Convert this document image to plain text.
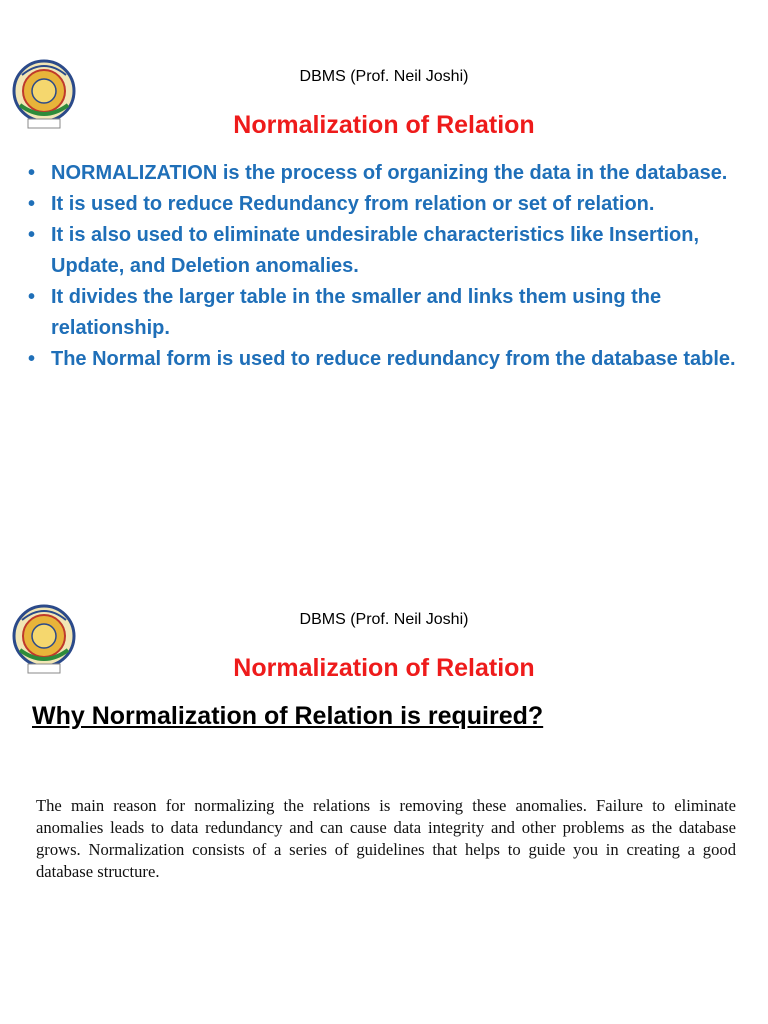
DBMS (Prof. Neil Joshi)
Normalization of Relation
• NORMALIZATION is the process of organizing the data in the database.
• It is used to reduce Redundancy from relation or set of relation.
• It is also used to eliminate undesirable characteristics like Insertion, Update, and Deletion anomalies.
• It divides the larger table in the smaller and links them using the relationship.
• The Normal form is used to reduce redundancy from the database table.
DBMS (Prof. Neil Joshi)
Normalization of Relation
Why Normalization of Relation is required?
The main reason for normalizing the relations is removing these anomalies. Failure to eliminate anomalies leads to data redundancy and can cause data integrity and other problems as the database grows. Normalization consists of a series of guidelines that helps to guide you in creating a good database structure.
